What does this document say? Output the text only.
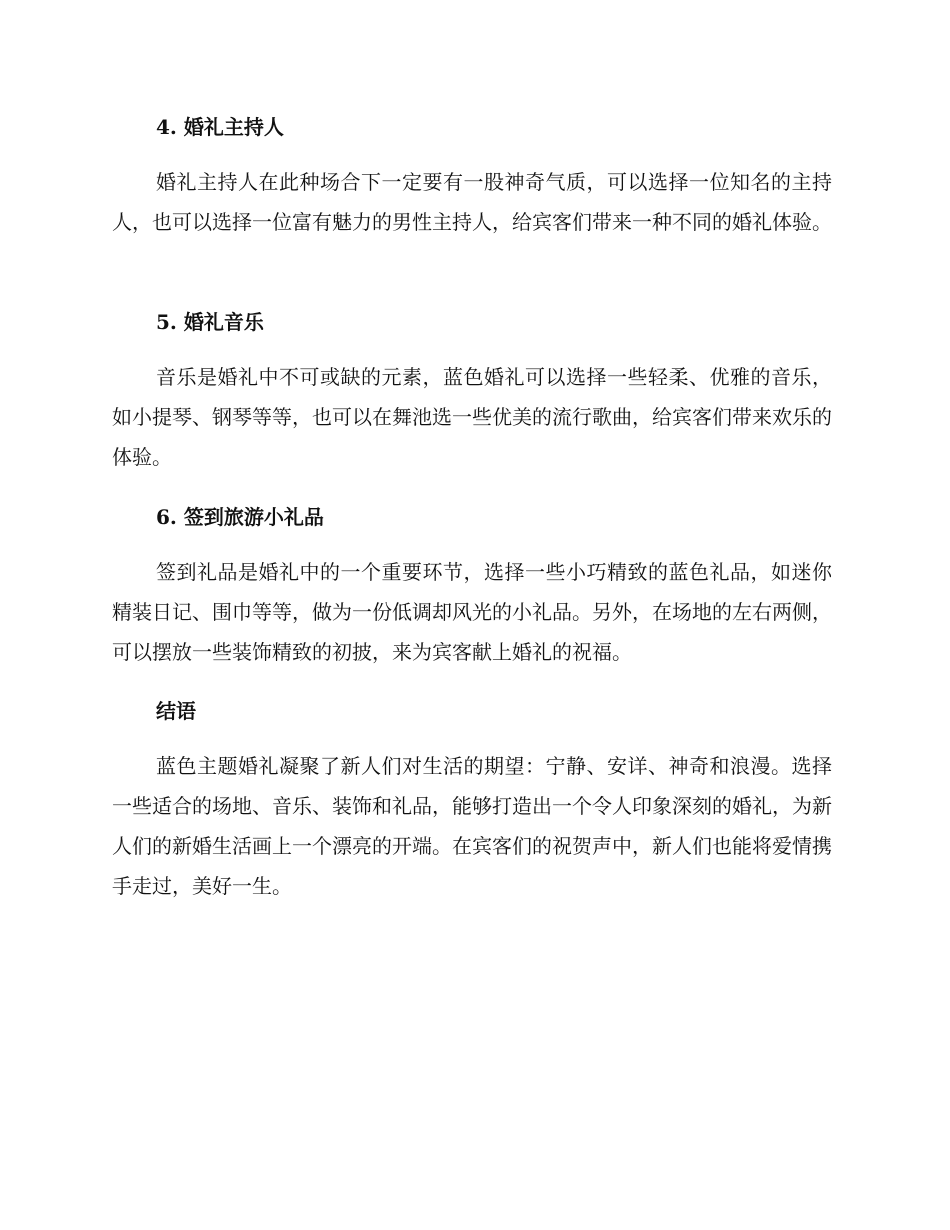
4. 婚礼主持人

婚礼主持人在此种场合下一定要有一股神奇气质，可以选择一位知名的主持人，也可以选择一位富有魅力的男性主持人，给宾客们带来一种不同的婚礼体验。

5. 婚礼音乐

音乐是婚礼中不可或缺的元素，蓝色婚礼可以选择一些轻柔、优雅的音乐，如小提琴、钢琴等等，也可以在舞池选一些优美的流行歌曲，给宾客们带来欢乐的体验。

6. 签到旅游小礼品

签到礼品是婚礼中的一个重要环节，选择一些小巧精致的蓝色礼品，如迷你精装日记、围巾等等，做为一份低调却风光的小礼品。另外，在场地的左右两侧，可以摆放一些装饰精致的初披，来为宾客献上婚礼的祝福。

结语

蓝色主题婚礼凝聚了新人们对生活的期望：宁静、安详、神奇和浪漫。选择一些适合的场地、音乐、装饰和礼品，能够打造出一个令人印象深刻的婚礼，为新人们的新婚生活画上一个漂亮的开端。在宾客们的祝贺声中，新人们也能将爱情携手走过，美好一生。
